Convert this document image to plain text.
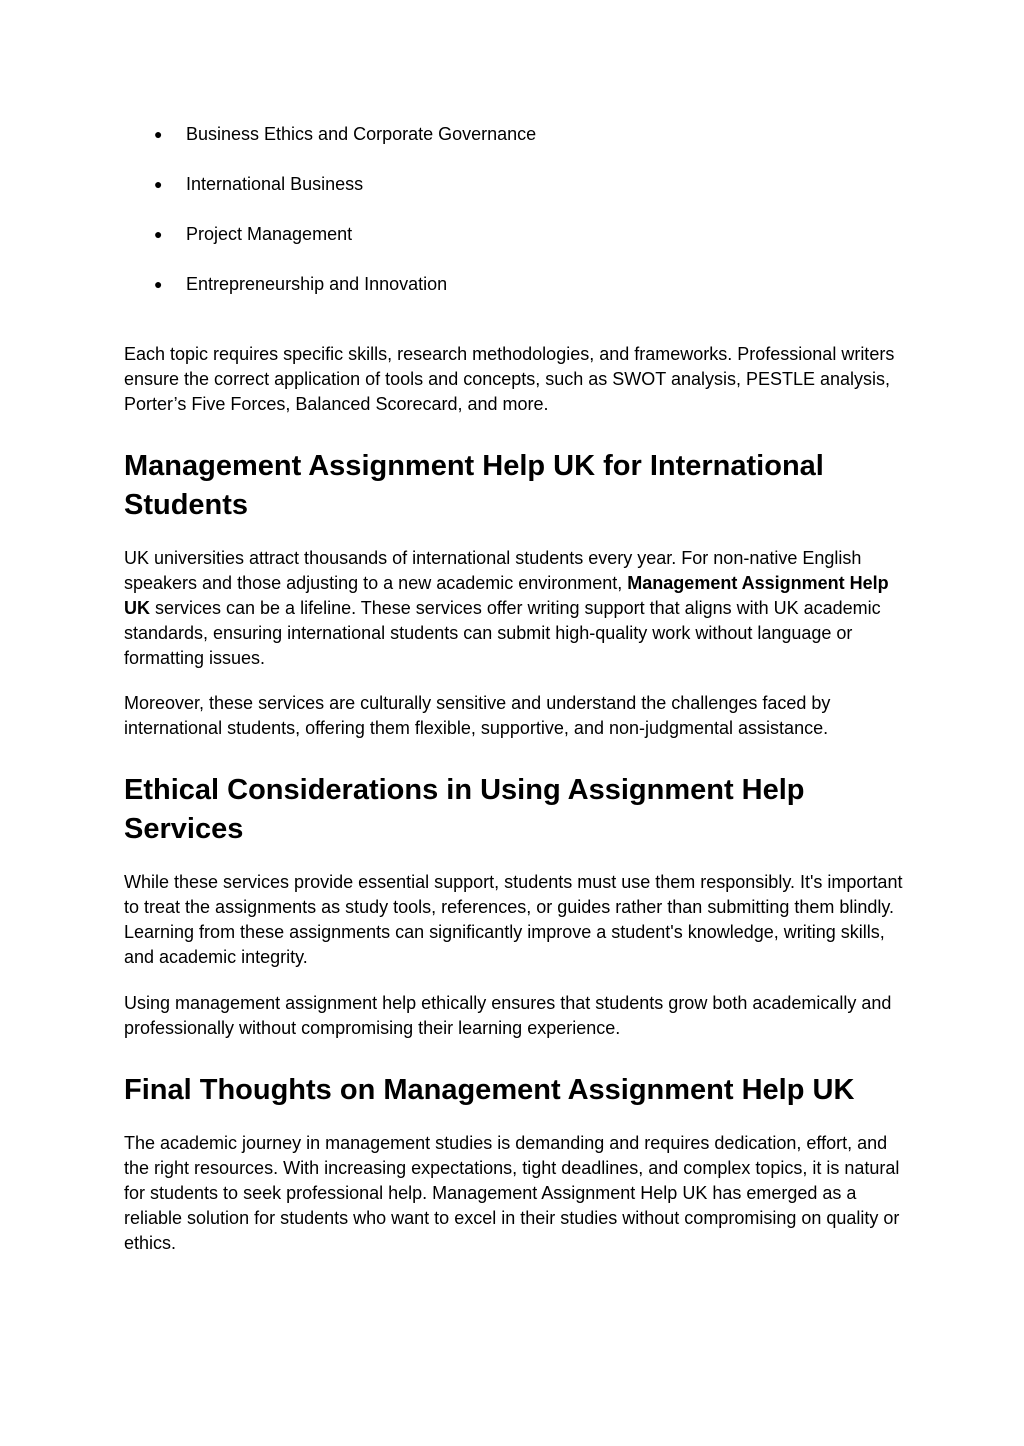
● Business Ethics and Corporate Governance
● International Business
● Project Management
● Entrepreneurship and Innovation

Each topic requires specific skills, research methodologies, and frameworks. Professional writers ensure the correct application of tools and concepts, such as SWOT analysis, PESTLE analysis, Porter’s Five Forces, Balanced Scorecard, and more.

Management Assignment Help UK for International Students

UK universities attract thousands of international students every year. For non-native English speakers and those adjusting to a new academic environment, Management Assignment Help UK services can be a lifeline. These services offer writing support that aligns with UK academic standards, ensuring international students can submit high-quality work without language or formatting issues.

Moreover, these services are culturally sensitive and understand the challenges faced by international students, offering them flexible, supportive, and non-judgmental assistance.

Ethical Considerations in Using Assignment Help Services

While these services provide essential support, students must use them responsibly. It's important to treat the assignments as study tools, references, or guides rather than submitting them blindly. Learning from these assignments can significantly improve a student's knowledge, writing skills, and academic integrity.

Using management assignment help ethically ensures that students grow both academically and professionally without compromising their learning experience.

Final Thoughts on Management Assignment Help UK

The academic journey in management studies is demanding and requires dedication, effort, and the right resources. With increasing expectations, tight deadlines, and complex topics, it is natural for students to seek professional help. Management Assignment Help UK has emerged as a reliable solution for students who want to excel in their studies without compromising on quality or ethics.
